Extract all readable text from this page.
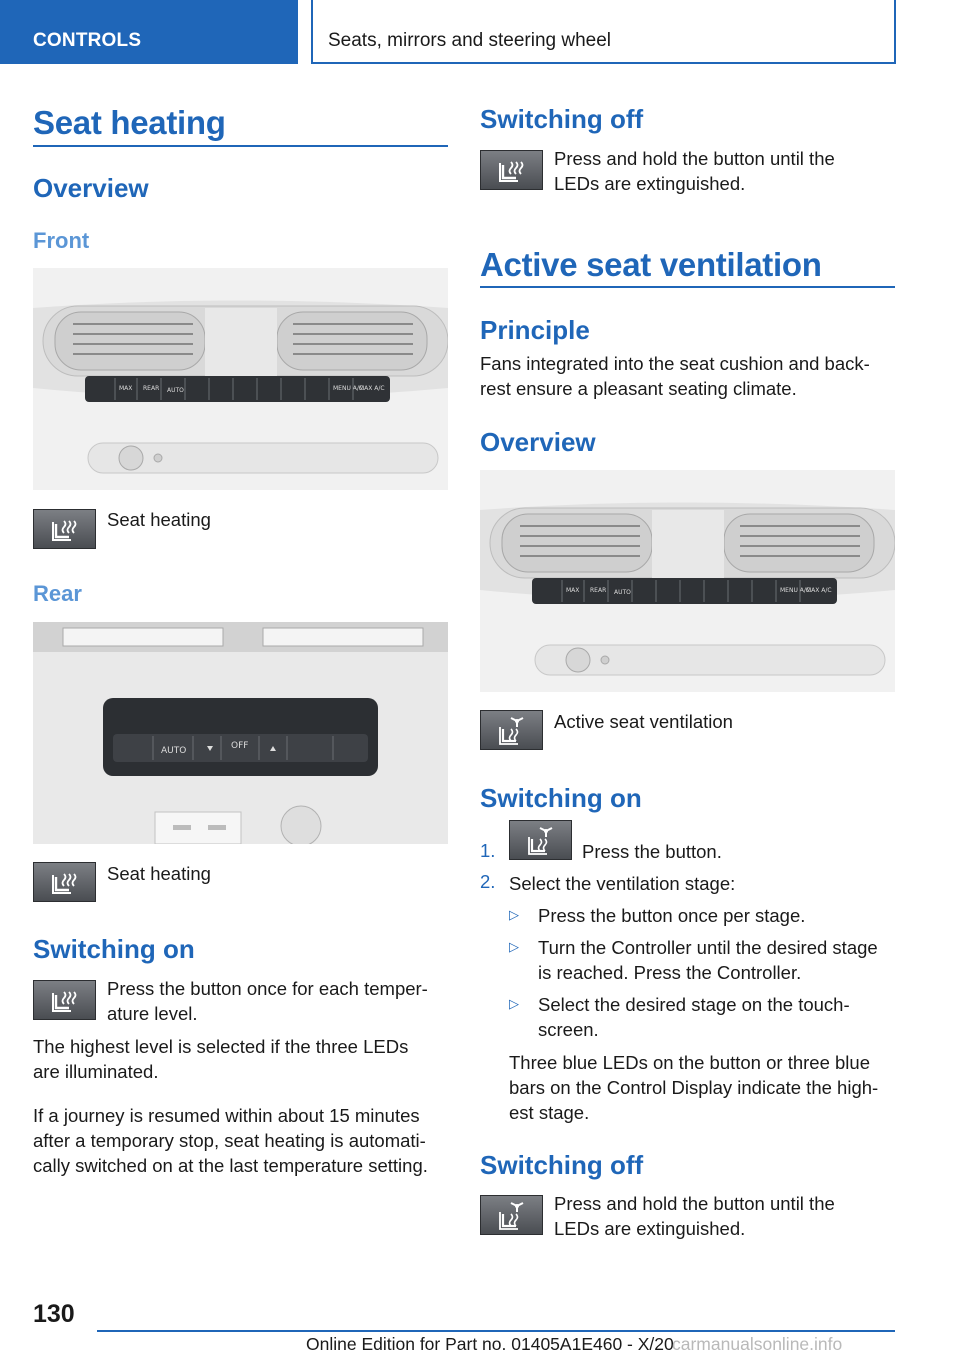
CONTROLS	Seats, mirrors and steering wheel
Seat heating
Overview
Front
MAX REAR AUTO	MENU A/C
MAX A/C

Seat heating

Rear
AUTO	OFF

Seat heating

Switching on

Press the button once for each temper‐

ature level.

The highest level is selected if the three LEDs

are illuminated.

If a journey is resumed within about 15 minutes

after a temporary stop, seat heating is automati‐

cally switched on at the last temperature setting.

Switching off

Press and hold the button until the

LEDs are extinguished.

Active seat ventilation
Principle

Fans integrated into the seat cushion and back‐

rest ensure a pleasant seating climate.

Overview
MAX REAR AUTO	MENU A/C
MAX A/C

Active seat ventilation

Switching on
1.	Press the button.

2. Select the ventilation stage:

▷ Press the button once per stage.

▷ Turn the Controller until the desired stage

is reached. Press the Controller.

▷ Select the desired stage on the touch‐

screen.

Three blue LEDs on the button or three blue

bars on the Control Display indicate the high‐

est stage.

Switching off

Press and hold the button until the

LEDs are extinguished.

130
Online Edition for Part no. 01405A1E460 - X/20
carmanualsonline.info
